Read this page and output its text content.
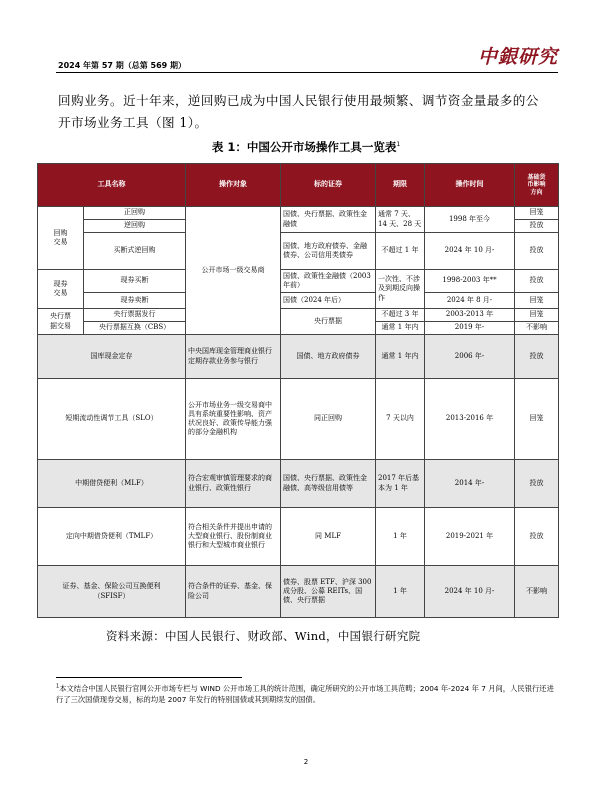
2024 年第 57 期（总第 569 期）	中銀研究
回购业务。近十年来，逆回购已成为中国人民银行使用最频繁、调节资金量最多的公
开市场业务工具（图 1）。
表 1：中国公开市场操作工具一览表$^1$
工具名称		操作对象	标的证券	期限	操作时间	基础货
币影响
方向
回购
交易	正回购	公开市场一级交易商	国债、央行票据、政策性金融债	通常 7 天、14 天、28 天	1998 年至今	回笼
	逆回购					投放
	买断式逆回购		国债、地方政府债券、金融债券、公司信用类债券	不超过 1 年	2024 年 10 月-	投放
现券
交易	现券买断		国债、政策性金融债（2003 年前）	一次性、不涉及到期反向操作	1998-2003 年**	投放
	现券卖断		国债（2024 年后）		2024 年 8 月-	回笼
央行票
据交易	央行票据发行		央行票据	不超过 3 年	2003-2013 年	回笼
	央行票据互换（CBS）			通常 1 年内	2019 年-	不影响
国库现金定存		中央国库现金管理商业银行定期存款业务参与银行	国债、地方政府债券	通常 1 年内	2006 年-	投放
短期流动性调节工具（SLO）		公开市场业务一级交易商中具有系统重要性影响、资产状况良好、政策传导能力强的部分金融机构	同正回购	7 天以内	2013-2016 年	回笼
中期借贷便利（MLF）		符合宏观审慎管理要求的商业银行、政策性银行	国债、央行票据、政策性金融债、高等级信用债等	2017 年后基本为 1 年	2014 年-	投放
定向中期借贷便利（TMLF）		符合相关条件并提出申请的大型商业银行、股份制商业银行和大型城市商业银行	同 MLF	1 年	2019-2021 年	投放
证券、基金、保险公司互换便利
（SFISF）		符合条件的证券、基金、保险公司	债券、股票 ETF、沪深 300 成分股、公募 REITs、国债、央行票据	1 年	2024 年 10 月-	不影响
资料来源：中国人民银行、财政部、Wind，中国银行研究院
$^1$本文结合中国人民银行官网公开市场专栏与 WIND 公开市场工具的统计范围，确定所研究的公开市场工具范畴；2004 年-2024 年 7 月间，人民银行还进行了三次国债现券交易，标的均是 2007 年发行的特别国债或其到期续发的国债。
2
